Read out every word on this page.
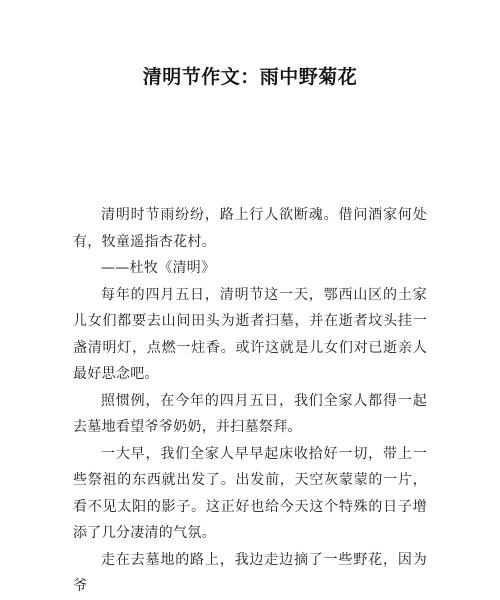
清明节作文：雨中野菊花

清明时节雨纷纷，路上行人欲断魂。借问酒家何处有，牧童遥指杏花村。

——杜牧《清明》

每年的四月五日，清明节这一天，鄂西山区的土家儿女们都要去山间田头为逝者扫墓，并在逝者坟头挂一盏清明灯，点燃一炷香。或许这就是儿女们对已逝亲人最好思念吧。

照惯例，在今年的四月五日，我们全家人都得一起去墓地看望爷爷奶奶，并扫墓祭拜。

一大早，我们全家人早早起床收拾好一切，带上一些祭祖的东西就出发了。出发前，天空灰蒙蒙的一片，看不见太阳的影子。这正好也给今天这个特殊的日子增添了几分凄清的气氛。

走在去墓地的路上，我边走边摘了一些野花，因为爷
